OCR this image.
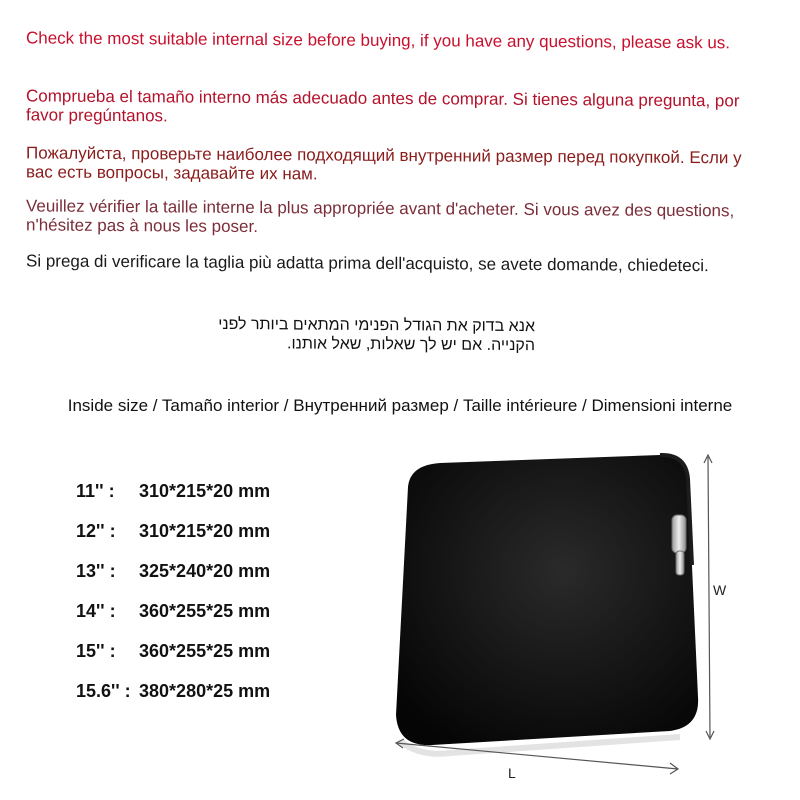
Check the most suitable internal size before buying, if you have any questions, please ask us.
Comprueba el tamaño interno más adecuado antes de comprar. Si tienes alguna pregunta, por favor pregúntanos.
Пожалуйста, проверьте наиболее подходящий внутренний размер перед покупкой. Если у вас есть вопросы, задавайте их нам.
Veuillez vérifier la taille interne la plus appropriée avant d'acheter. Si vous avez des questions, n'hésitez pas à nous les poser.
Si prega di verificare la taglia più adatta prima dell'acquisto, se avete domande, chiedeteci.
אנא בדוק את הגודל הפנימי המתאים ביותר לפני הקנייה. אם יש לך שאלות, שאל אותנו.
Inside size / Tamaño interior / Внутренний размер / Taille intérieure / Dimensioni interne
11'' : 310*215*20 mm
12'' : 310*215*20 mm
13'' : 325*240*20 mm
14'' : 360*255*25 mm
15'' : 360*255*25 mm
15.6'' : 380*280*25 mm
W
L
